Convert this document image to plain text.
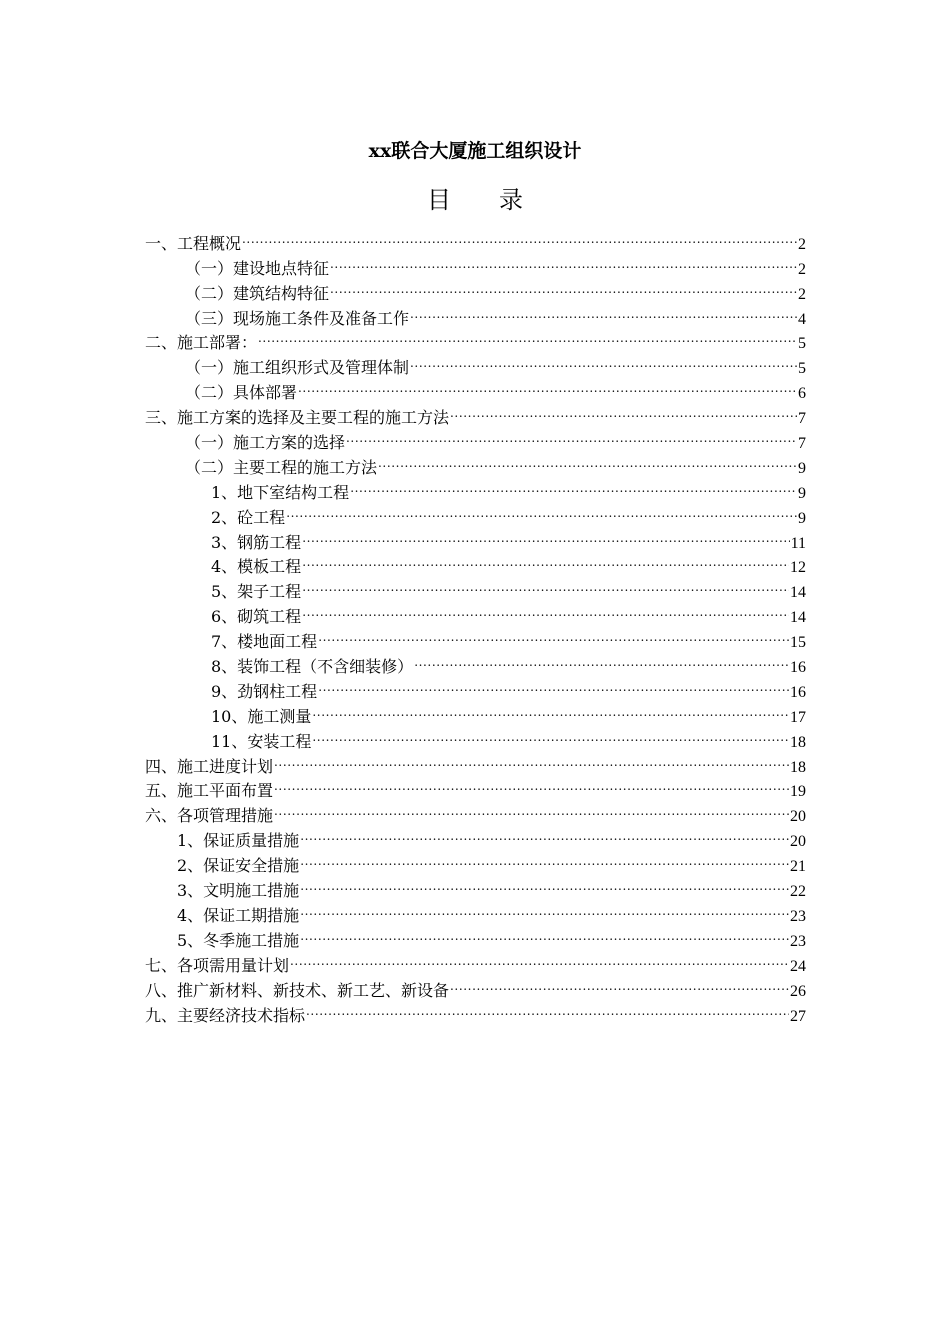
xx联合大厦施工组织设计
目录
一、工程概况 .....	2
（一）建设地点特征 .....	2
（二）建筑结构特征 .....	2
（三）现场施工条件及准备工作 .....	4
二、施工部署： .....	5
（一）施工组织形式及管理体制 .....	5
（二）具体部署 .....	6
三、施工方案的选择及主要工程的施工方法 .....	7
（一）施工方案的选择 .....	7
（二）主要工程的施工方法 .....	9
1、地下室结构工程 .....	9
2、砼工程 .....	9
3、钢筋工程 .....	11
4、模板工程 .....	12
5、架子工程 .....	14
6、砌筑工程 .....	14
7、楼地面工程 .....	15
8、装饰工程（不含细装修） .....	16
9、劲钢柱工程 .....	16
10、施工测量 .....	17
11、安装工程 .....	18
四、施工进度计划 .....	18
五、施工平面布置 .....	19
六、各项管理措施 .....	20
1、保证质量措施 .....	20
2、保证安全措施 .....	21
3、文明施工措施 .....	22
4、保证工期措施 .....	23
5、冬季施工措施 .....	23
七、各项需用量计划 .....	24
八、推广新材料、新技术、新工艺、新设备 .....	26
九、主要经济技术指标 .....	27
